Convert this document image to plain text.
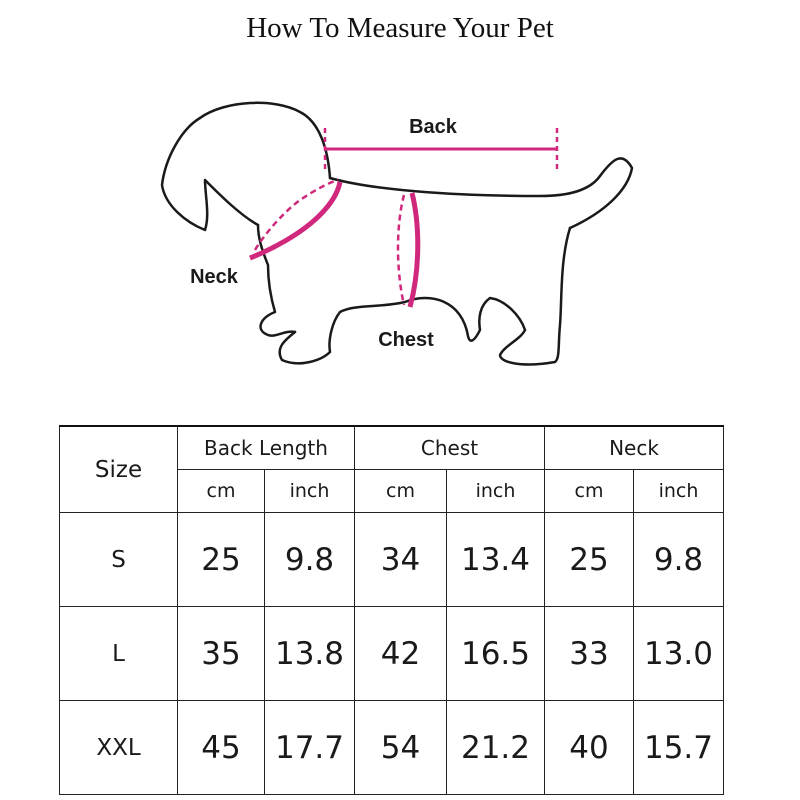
How To Measure Your Pet
Back
Neck
Chest
Size	Back Length		Chest		Neck	
	cm	inch	cm	inch	cm	inch
S	25	9.8	34	13.4	25	9.8
L	35	13.8	42	16.5	33	13.0
XXL	45	17.7	54	21.2	40	15.7
